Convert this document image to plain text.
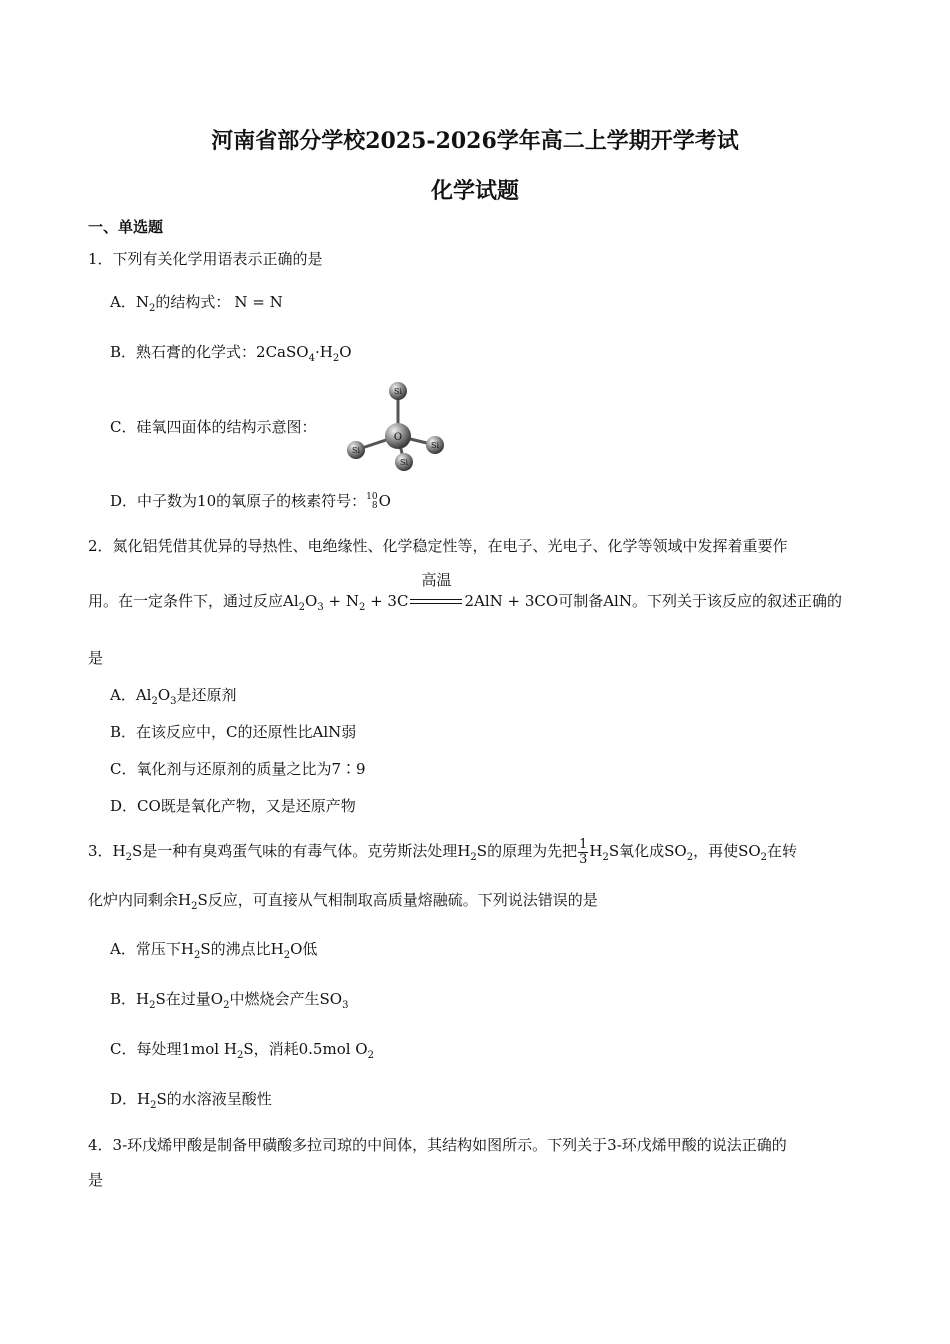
河南省部分学校2025-2026学年高二上学期开学考试
化学试题
一、单选题
1．下列有关化学用语表示正确的是
A．$N_2$的结构式： N = N
B．熟石膏的化学式：$2CaSO_4\cdot H_2O$
C．硅氧四面体的结构示意图：
Si
Si
Si
O
Si
D．中子数为10的氧原子的核素符号： 10
8 O
2．氮化铝凭借其优异的导热性、电绝缘性、化学稳定性等，在电子、光电子、化学等领域中发挥着重要作
用。在一定条件下，通过反应$Al_2O_3 + N_2 + 3C$
高温
2AlN + 3CO可制备AlN。下列关于该反应的叙述正确的
是
A．$Al_2O_3$是还原剂
B．在该反应中，C的还原性比AlN弱
C．氧化剂与还原剂的质量之比为7∶9
D．CO既是氧化产物，又是还原产物
3．$H_2S$是一种有臭鸡蛋气味的有毒气体。克劳斯法处理$H_2S$的原理为先把 $\frac{1}{3} H_2S$氧化成$SO_2$，再使$SO_2$在转
化炉内同剩余$H_2S$反应，可直接从气相制取高质量熔融硫。下列说法错误的是
A．常压下$H_2S$的沸点比$H_2O$低
B．$H_2S$在过量$O_2$中燃烧会产生$SO_3$
C．每处理1mol $H_2S$，消耗0.5mol $O_2$
D．$H_2S$的水溶液呈酸性
4．3-环戊烯甲酸是制备甲磺酸多拉司琼的中间体，其结构如图所示。下列关于3-环戊烯甲酸的说法正确的
是
